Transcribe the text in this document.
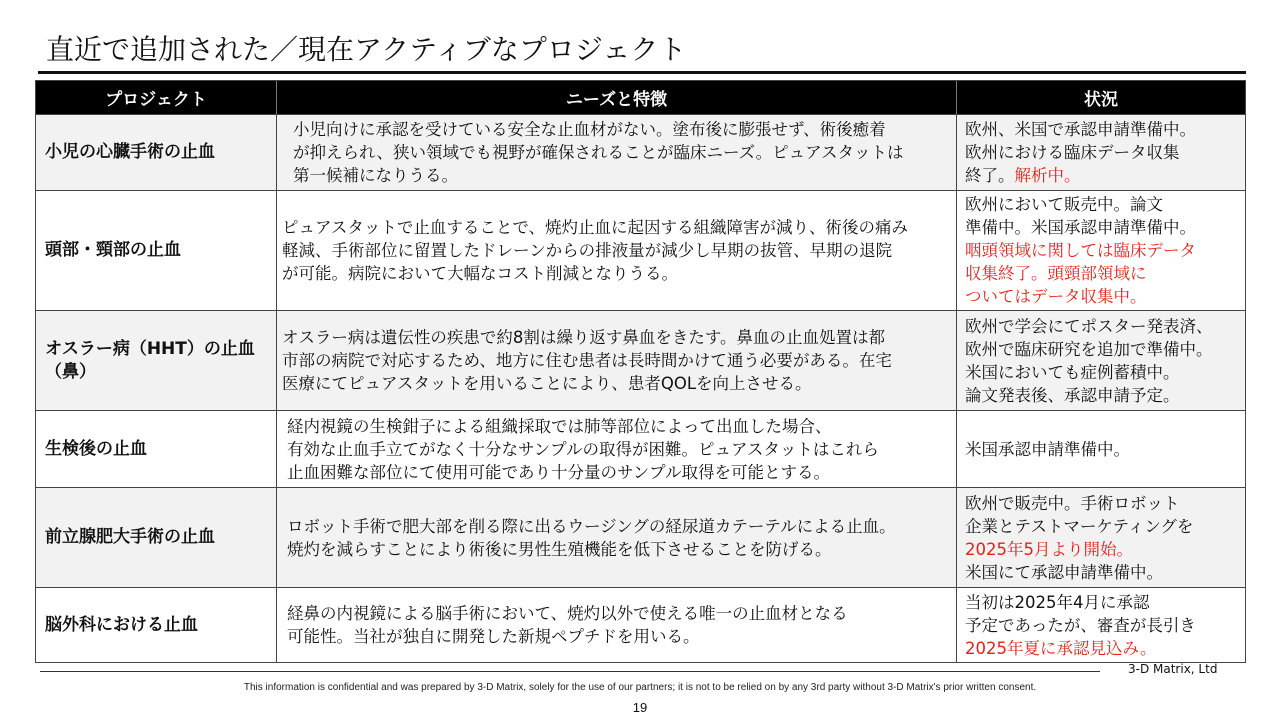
直近で追加された／現在アクティブなプロジェクト
プロジェクト	ニーズと特徴	状況
小児の心臓手術の止血
小児向けに承認を受けている安全な止血材がない。塗布後に膨張せず、術後癒着
が抑えられ、狭い領域でも視野が確保されることが臨床ニーズ。ピュアスタットは
第一候補になりうる。
欧州、米国で承認申請準備中。
欧州における臨床データ収集
終了。解析中。
頭部・頸部の止血
ピュアスタットで止血することで、焼灼止血に起因する組織障害が減り、術後の痛み
軽減、手術部位に留置したドレーンからの排液量が減少し早期の抜管、早期の退院
が可能。病院において大幅なコスト削減となりうる。
欧州において販売中。論文
準備中。米国承認申請準備中。
咽頭領域に関しては臨床データ
収集終了。頭頸部領域に
ついてはデータ収集中。
オスラー病（HHT）の止血（鼻）
オスラー病は遺伝性の疾患で約8割は繰り返す鼻血をきたす。鼻血の止血処置は都
市部の病院で対応するため、地方に住む患者は長時間かけて通う必要がある。在宅
医療にてピュアスタットを用いることにより、患者QOLを向上させる。
欧州で学会にてポスター発表済、
欧州で臨床研究を追加で準備中。
米国においても症例蓄積中。
論文発表後、承認申請予定。
生検後の止血
経内視鏡の生検鉗子による組織採取では肺等部位によって出血した場合、
有効な止血手立てがなく十分なサンプルの取得が困難。ピュアスタットはこれら
止血困難な部位にて使用可能であり十分量のサンプル取得を可能とする。
米国承認申請準備中。
前立腺肥大手術の止血
ロボット手術で肥大部を削る際に出るウージングの経尿道カテーテルによる止血。
焼灼を減らすことにより術後に男性生殖機能を低下させることを防げる。
欧州で販売中。手術ロボット
企業とテストマーケティングを
2025年5月より開始。
米国にて承認申請準備中。
脳外科における止血
経鼻の内視鏡による脳手術において、焼灼以外で使える唯一の止血材となる
可能性。当社が独自に開発した新規ペプチドを用いる。
当初は2025年4月に承認
予定であったが、審査が長引き
2025年夏に承認見込み。
3-D Matrix, Ltd
This information is confidential and was prepared by 3-D Matrix, solely for the use of our partners; it is not to be relied on by any 3rd party without 3-D Matrix's prior written consent.
19
